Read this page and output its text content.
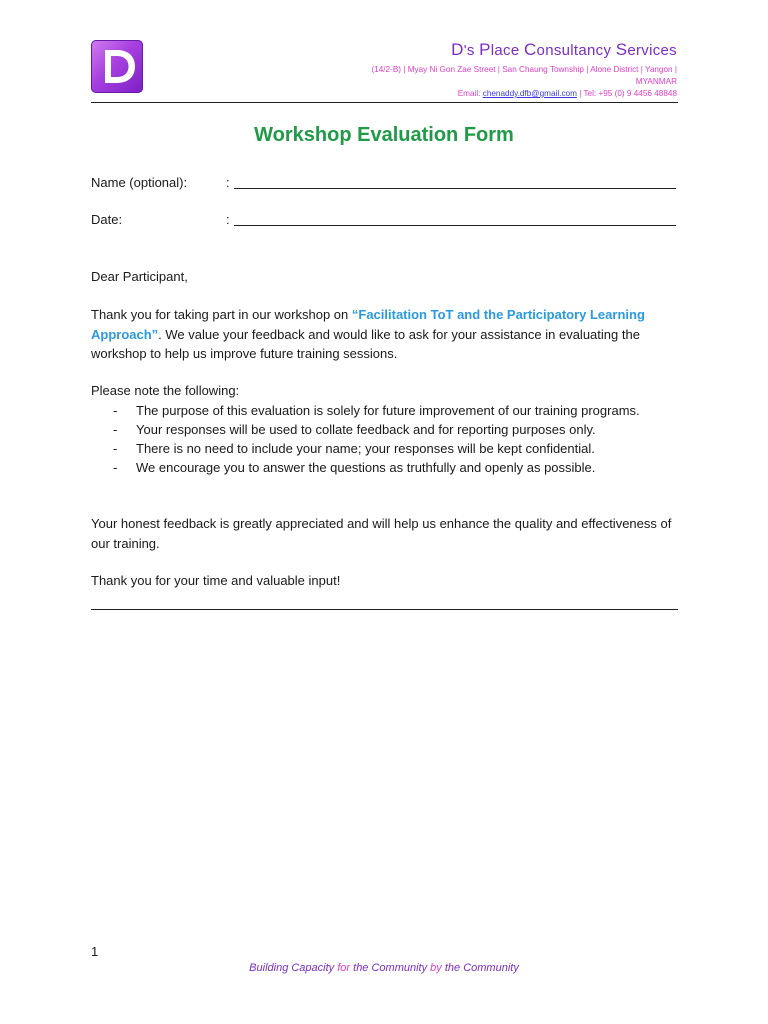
D's Place Consultancy Services
(14/2-B) | Myay Ni Gon Zae Street | San Chaung Township | Alone District | Yangon | MYANMAR
Email: chenaddy.dfb@gmail.com | Tel: +95 (0) 9 4456 48848
Workshop Evaluation Form
Name (optional):	:
Date:	:
Dear Participant,
Thank you for taking part in our workshop on “Facilitation ToT and the Participatory Learning Approach”. We value your feedback and would like to ask for your assistance in evaluating the workshop to help us improve future training sessions.
Please note the following:
- The purpose of this evaluation is solely for future improvement of our training programs.
- Your responses will be used to collate feedback and for reporting purposes only.
- There is no need to include your name; your responses will be kept confidential.
- We encourage you to answer the questions as truthfully and openly as possible.
Your honest feedback is greatly appreciated and will help us enhance the quality and effectiveness of our training.
Thank you for your time and valuable input!
1
Building Capacity for the Community by the Community
